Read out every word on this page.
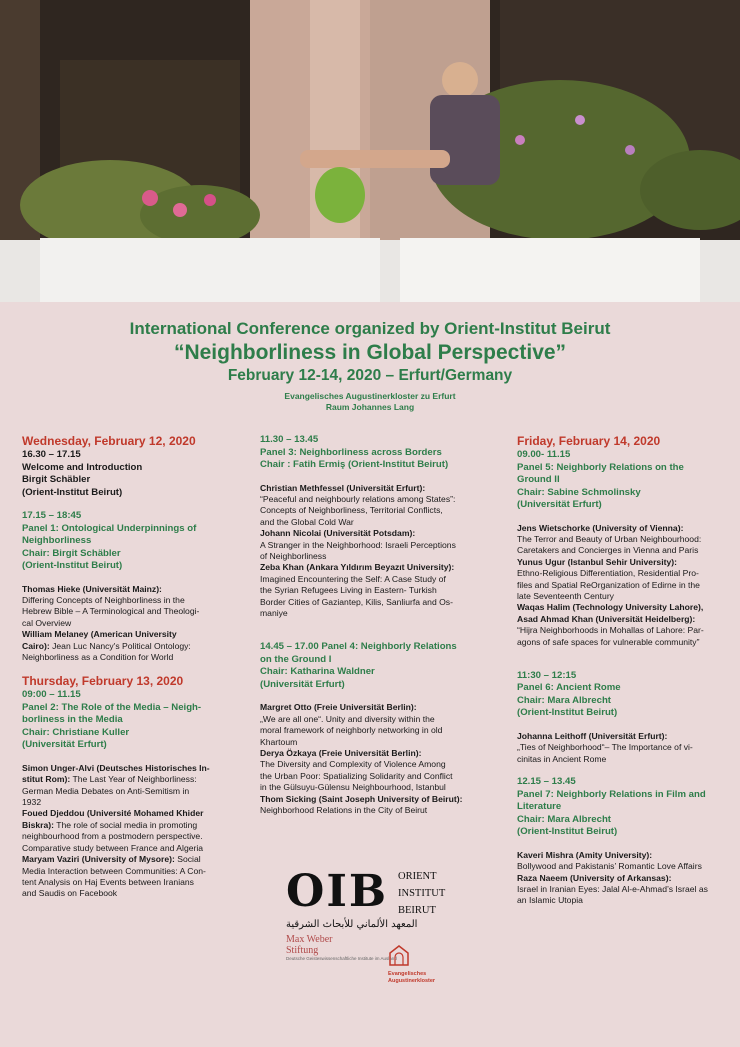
International Conference organized by Orient-Institut Beirut
“Neighborliness in Global Perspective”
February 12-14, 2020 – Erfurt/Germany
Evangelisches Augustinerkloster zu Erfurt
Raum Johannes Lang
Wednesday, February 12, 2020
16.30 – 17.15
Welcome and Introduction
Birgit Schäbler
(Orient-Institut Beirut)
17.15 – 18:45
Panel 1: Ontological Underpinnings of
Neighborliness
Chair: Birgit Schäbler
(Orient-Institut Beirut)
Thomas Hieke (Universität Mainz):
Differing Concepts of Neighborliness in the
Hebrew Bible – A Terminological and Theologi-
cal Overview
William Melaney (American University
Cairo): Jean Luc Nancy's Political Ontology:
Neighborliness as a Condition for World
Thursday, February 13, 2020
09:00 – 11.15
Panel 2: The Role of the Media – Neigh-
borliness in the Media
Chair: Christiane Kuller
(Universität Erfurt)
Simon Unger-Alvi (Deutsches Historisches In-
stitut Rom): The Last Year of Neighborliness:
German Media Debates on Anti-Semitism in
1932
Foued Djeddou (Université Mohamed Khider
Biskra): The role of social media in promoting
neighbourhood from a postmodern perspective.
Comparative study between France and Algeria
Maryam Vaziri (University of Mysore): Social
Media Interaction between Communities: A Con-
tent Analysis on Haj Events between Iranians
and Saudis on Facebook
11.30 – 13.45
Panel 3: Neighborliness across Borders
Chair : Fatih Ermiş (Orient-Institut Beirut)
Christian Methfessel (Universität Erfurt):
“Peaceful and neighbourly relations among States”:
Concepts of Neighborliness, Territorial Conflicts,
and the Global Cold War
Johann Nicolai (Universität Potsdam):
A Stranger in the Neighborhood: Israeli Perceptions
of Neighborliness
Zeba Khan (Ankara Yıldırım Beyazıt University):
Imagined Encountering the Self: A Case Study of
the Syrian Refugees Living in Eastern- Turkish
Border Cities of Gaziantep, Kilis, Sanliurfa and Os-
maniye
14.45 – 17.00 Panel 4: Neighborly Relations
on the Ground I
Chair: Katharina Waldner
(Universität Erfurt)
Margret Otto (Freie Universität Berlin):
„We are all one“. Unity and diversity within the
moral framework of neighborly networking in old
Khartoum
Derya Özkaya (Freie Universität Berlin):
The Diversity and Complexity of Violence Among
the Urban Poor: Spatializing Solidarity and Conflict
in the Gülsuyu-Gülensu Neighbourhood, Istanbul
Thom Sicking (Saint Joseph University of Beirut):
Neighborhood Relations in the City of Beirut
Friday, February 14, 2020
09.00- 11.15
Panel 5: Neighborly Relations on the
Ground II
Chair: Sabine Schmolinsky
(Universität Erfurt)
Jens Wietschorke (University of Vienna):
The Terror and Beauty of Urban Neighbourhood:
Caretakers and Concierges in Vienna and Paris
Yunus Ugur (Istanbul Sehir University):
Ethno-Religious Differentiation, Residential Pro-
files and Spatial ReOrganization of Edirne in the
late Seventeenth Century
Waqas Halim (Technology University Lahore),
Asad Ahmad Khan (Universität Heidelberg):
“Hijra Neighborhoods in Mohallas of Lahore: Par-
agons of safe spaces for vulnerable community”
11:30 – 12:15
Panel 6: Ancient Rome
Chair: Mara Albrecht
(Orient-Institut Beirut)
Johanna Leithoff (Universität Erfurt):
„Ties of Neighborhood“– The Importance of vi-
cinitas in Ancient Rome
12.15 – 13.45
Panel 7: Neighborly Relations in Film and
Literature
Chair: Mara Albrecht
(Orient-Institut Beirut)
Kaveri Mishra (Amity University):
Bollywood and Pakistanis’ Romantic Love Affairs
Raza Naeem (University of Arkansas):
Israel in Iranian Eyes: Jalal Al-e-Ahmad’s Israel as
an Islamic Utopia
OIB ORIENT
INSTITUT
BEIRUT
المعهد الألماني للأبحاث الشرقية
Max Weber
Stiftung
Deutsche Geisteswissenschaftliche Institute im Ausland
Evangelisches
Augustinerkloster
